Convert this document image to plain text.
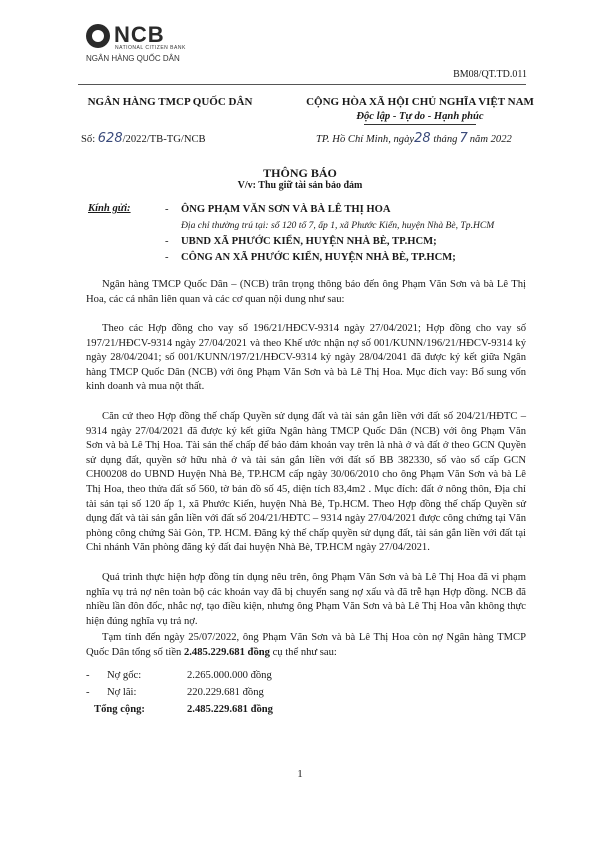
NCB
NATIONAL CITIZEN BANK
NGÂN HÀNG QUỐC DÂN
BM08/QT.TD.011
NGÂN HÀNG TMCP QUỐC DÂN	CỘNG HÒA XÃ HỘI CHỦ NGHĨA VIỆT NAM
Độc lập - Tự do - Hạnh phúc
Số: 628/2022/TB-TG/NCB	TP. Hồ Chí Minh, ngày28 tháng 7 năm 2022
THÔNG BÁO
V/v: Thu giữ tài sản bảo đảm
Kính gửi:	- ÔNG PHẠM VĂN SƠN VÀ BÀ LÊ THỊ HOA
Địa chỉ thường trú tại: số 120 tổ 7, ấp 1, xã Phước Kiển, huyện Nhà Bè, Tp.HCM
- UBND XÃ PHƯỚC KIỂN, HUYỆN NHÀ BÈ, TP.HCM;
- CÔNG AN XÃ PHƯỚC KIỂN, HUYỆN NHÀ BÈ, TP.HCM;

Ngân hàng TMCP Quốc Dân – (NCB) trân trọng thông báo đến ông Phạm Văn Sơn và bà Lê Thị Hoa, các cá nhân liên quan và các cơ quan nội dung như sau:

Theo các Hợp đồng cho vay số 196/21/HĐCV-9314 ngày 27/04/2021; Hợp đồng cho vay số 197/21/HĐCV-9314 ngày 27/04/2021 và theo Khế ước nhận nợ số 001/KUNN/196/21/HĐCV-9314 ký ngày 28/04/2041; số 001/KUNN/197/21/HĐCV-9314 ký ngày 28/04/2041 đã được ký kết giữa Ngân hàng TMCP Quốc Dân (NCB) với ông Phạm Văn Sơn và bà Lê Thị Hoa. Mục đích vay: Bổ sung vốn kinh doanh và mua nột thất.

Căn cứ theo Hợp đồng thế chấp Quyền sử dụng đất và tài sản gắn liền với đất số 204/21/HĐTC – 9314 ngày 27/04/2021 đã được ký kết giữa Ngân hàng TMCP Quốc Dân (NCB) với ông Phạm Văn Sơn và bà Lê Thị Hoa. Tài sản thế chấp để bảo đảm khoản vay trên là nhà ở và đất ở theo GCN Quyền sử dụng đất, quyền sở hữu nhà ở và tài sản gắn liền với đất số BB 382330, số vào sổ cấp GCN CH00208 do UBND Huyện Nhà Bè, TP.HCM cấp ngày 30/06/2010 cho ông Phạm Văn Sơn và bà Lê Thị Hoa, theo thửa đất số 560, tờ bản đồ số 45, diện tích 83,4m2 . Mục đích: đất ở nông thôn, Địa chỉ tài sản tại số 120 ấp 1, xã Phước Kiển, huyện Nhà Bè, Tp.HCM. Theo Hợp đồng thế chấp Quyền sử dụng đất và tài sản gắn liền với đất số 204/21/HĐTC – 9314 ngày 27/04/2021 được công chứng tại Văn phòng công chứng Sài Gòn, TP. HCM. Đăng ký thế chấp quyền sử dụng đất, tài sản gắn liền với đất tại Chi nhánh Văn phòng đăng ký đất đai huyện Nhà Bè, TP.HCM ngày 27/04/2021.

Quá trình thực hiện hợp đồng tín dụng nêu trên, ông Phạm Văn Sơn và bà Lê Thị Hoa đã vi phạm nghĩa vụ trả nợ nên toàn bộ các khoản vay đã bị chuyển sang nợ xấu và đã trễ hạn Hợp đồng. NCB đã nhiều lần đôn đốc, nhắc nợ, tạo điều kiện, nhưng ông Phạm Văn Sơn và bà Lê Thị Hoa vẫn không thực hiện đúng nghĩa vụ trả nợ.

Tạm tính đến ngày 25/07/2022, ông Phạm Văn Sơn và bà Lê Thị Hoa còn nợ Ngân hàng TMCP Quốc Dân tổng số tiền 2.485.229.681 đồng cụ thể như sau:

- Nợ gốc:	2.265.000.000 đồng
- Nợ lãi:	220.229.681 đồng
Tổng cộng:	2.485.229.681 đồng
1
